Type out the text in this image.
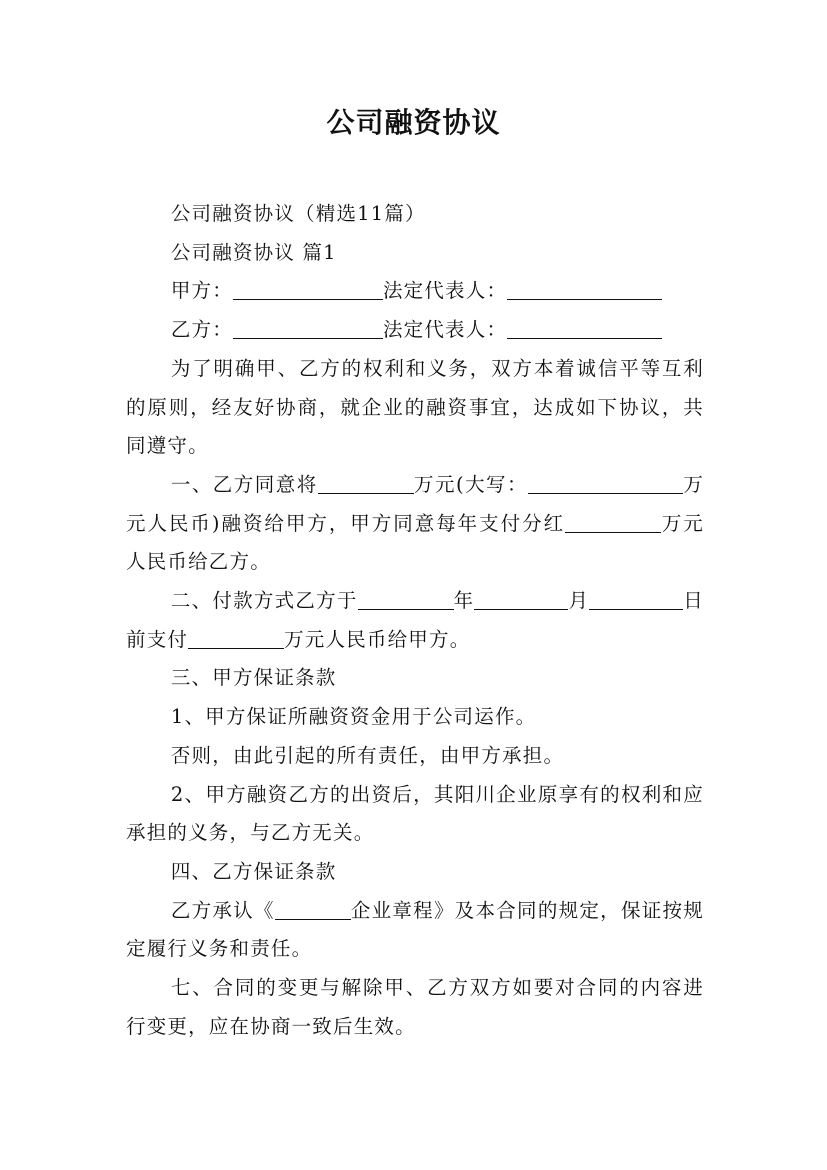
公司融资协议

公司融资协议（精选11篇）

公司融资协议 篇1

甲方：	法定代表人：

乙方：	法定代表人：

为了明确甲、乙方的权利和义务，双方本着诚信平等互利的原则，经友好协商，就企业的融资事宜，达成如下协议，共同遵守。

一、乙方同意将	万元(大写：	万元人民币)融资给甲方，甲方同意每年支付分红	万元人民币给乙方。

二、付款方式乙方于	年	月	日前支付	万元人民币给甲方。

三、甲方保证条款

1、甲方保证所融资资金用于公司运作。

否则，由此引起的所有责任，由甲方承担。

2、甲方融资乙方的出资后，其阳川企业原享有的权利和应承担的义务，与乙方无关。

四、乙方保证条款

乙方承认《	企业章程》及本合同的规定，保证按规定履行义务和责任。

七、合同的变更与解除甲、乙方双方如要对合同的内容进行变更，应在协商一致后生效。
